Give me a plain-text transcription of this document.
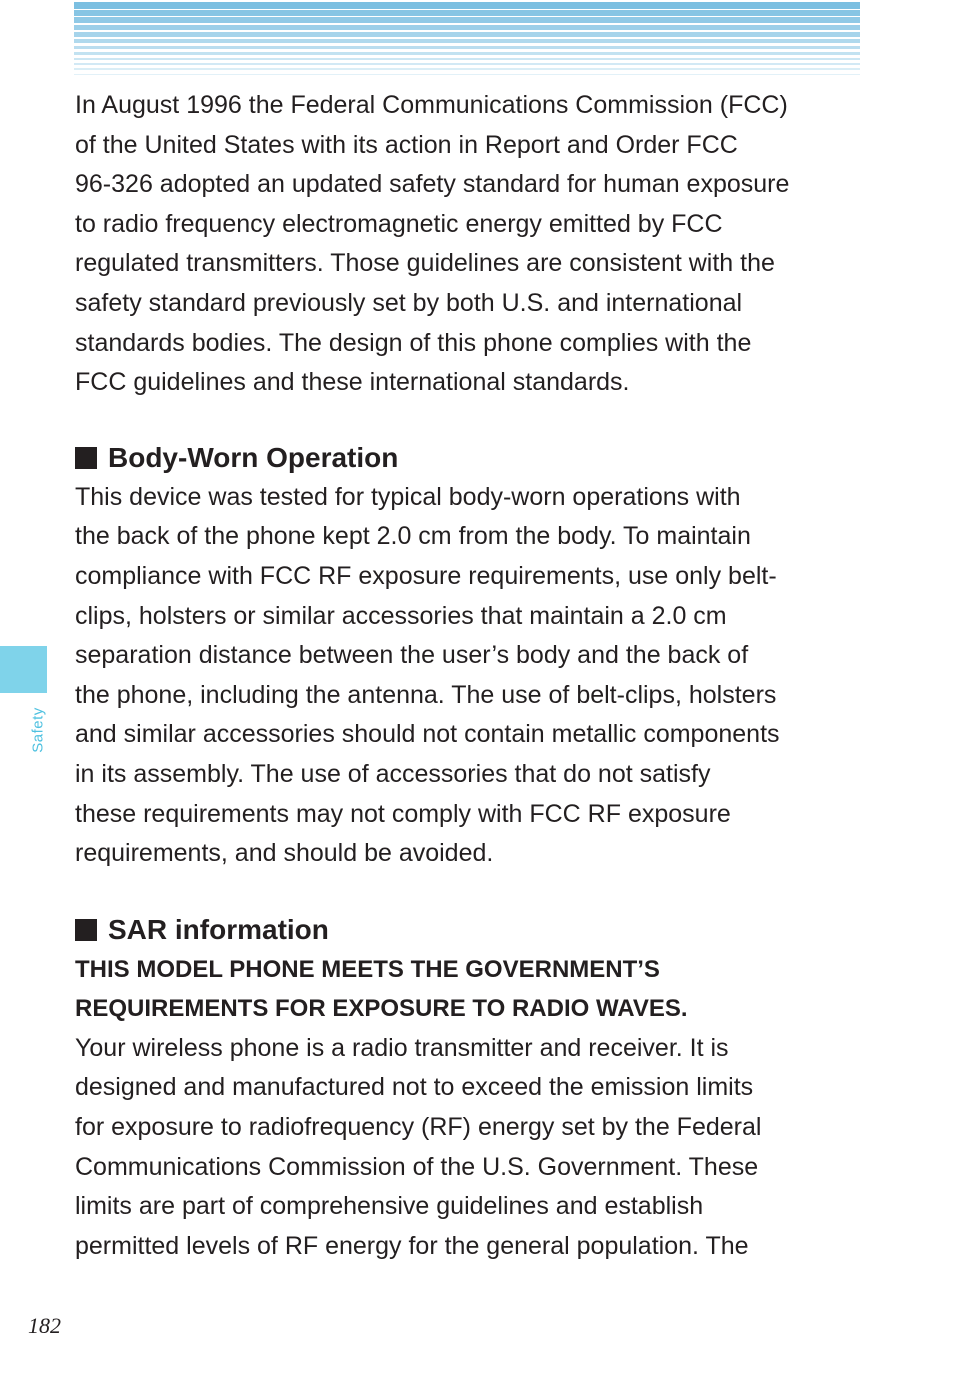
Safety

In August 1996 the Federal Communications Commission (FCC)
of the United States with its action in Report and Order FCC
96-326 adopted an updated safety standard for human exposure
to radio frequency electromagnetic energy emitted by FCC
regulated transmitters. Those guidelines are consistent with the
safety standard previously set by both U.S. and international
standards bodies. The design of this phone complies with the
FCC guidelines and these international standards.

Body-Worn Operation

This device was tested for typical body-worn operations with
the back of the phone kept 2.0 cm from the body. To maintain
compliance with FCC RF exposure requirements, use only belt-
clips, holsters or similar accessories that maintain a 2.0 cm
separation distance between the user’s body and the back of
the phone, including the antenna. The use of belt-clips, holsters
and similar accessories should not contain metallic components
in its assembly. The use of accessories that do not satisfy
these requirements may not comply with FCC RF exposure
requirements, and should be avoided.

SAR information

THIS MODEL PHONE MEETS THE GOVERNMENT’S
REQUIREMENTS FOR EXPOSURE TO RADIO WAVES.

Your wireless phone is a radio transmitter and receiver. It is
designed and manufactured not to exceed the emission limits
for exposure to radiofrequency (RF) energy set by the Federal
Communications Commission of the U.S. Government. These
limits are part of comprehensive guidelines and establish
permitted levels of RF energy for the general population. The

182
